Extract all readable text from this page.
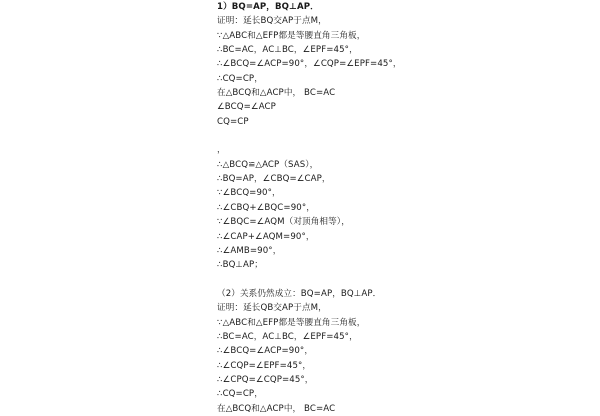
1）BQ=AP，BQ⊥AP．
证明：延长BQ交AP于点M，
∵△ABC和△EFP都是等腰直角三角板，
∴BC=AC，AC⊥BC，∠EPF=45°，
∴∠BCQ=∠ACP=90°，∠CQP=∠EPF=45°，
∴CQ=CP，
在△BCQ和△ACP中， BC=AC
∠BCQ=∠ACP
CQ=CP
，
∴△BCQ≌△ACP（SAS），
∴BQ=AP，∠CBQ=∠CAP，
∵∠BCQ=90°，
∴∠CBQ+∠BQC=90°，
∵∠BQC=∠AQM（对顶角相等），
∴∠CAP+∠AQM=90°，
∴∠AMB=90°，
∴BQ⊥AP；
（2）关系仍然成立：BQ=AP，BQ⊥AP．
证明：延长QB交AP于点M，
∵△ABC和△EFP都是等腰直角三角板，
∴BC=AC，AC⊥BC，∠EPF=45°，
∴∠BCQ=∠ACP=90°，
∴∠CQP=∠EPF=45°，
∴∠CPQ=∠CQP=45°，
∴CQ=CP，
在△BCQ和△ACP中， BC=AC
